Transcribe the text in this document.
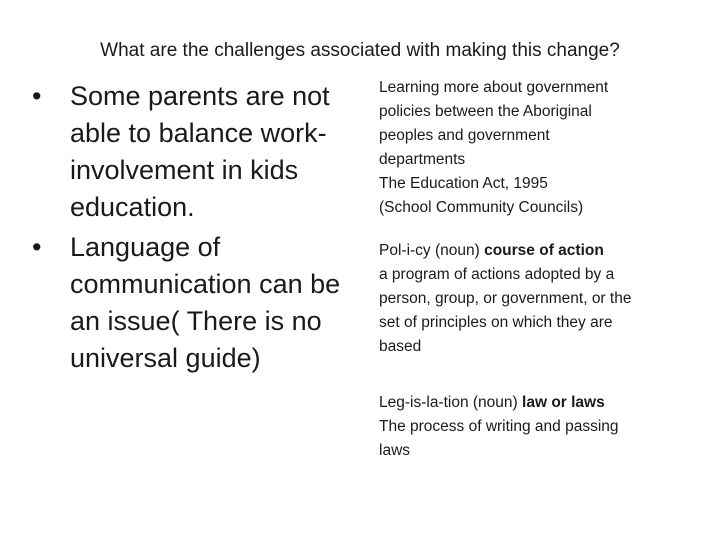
What are the challenges associated with making this change?
•	Some parents are not able to balance work- involvement in kids education.
•	Language of communication can be an issue( There is no universal guide)

Learning more about government
policies between the Aboriginal
peoples and government
departments
The Education Act, 1995
(School Community Councils)

Pol-i-cy (noun) course of action
a program of actions adopted by a
person, group, or government, or the
set of principles on which they are
based

Leg-is-la-tion (noun) law or laws
The process of writing and passing
laws
